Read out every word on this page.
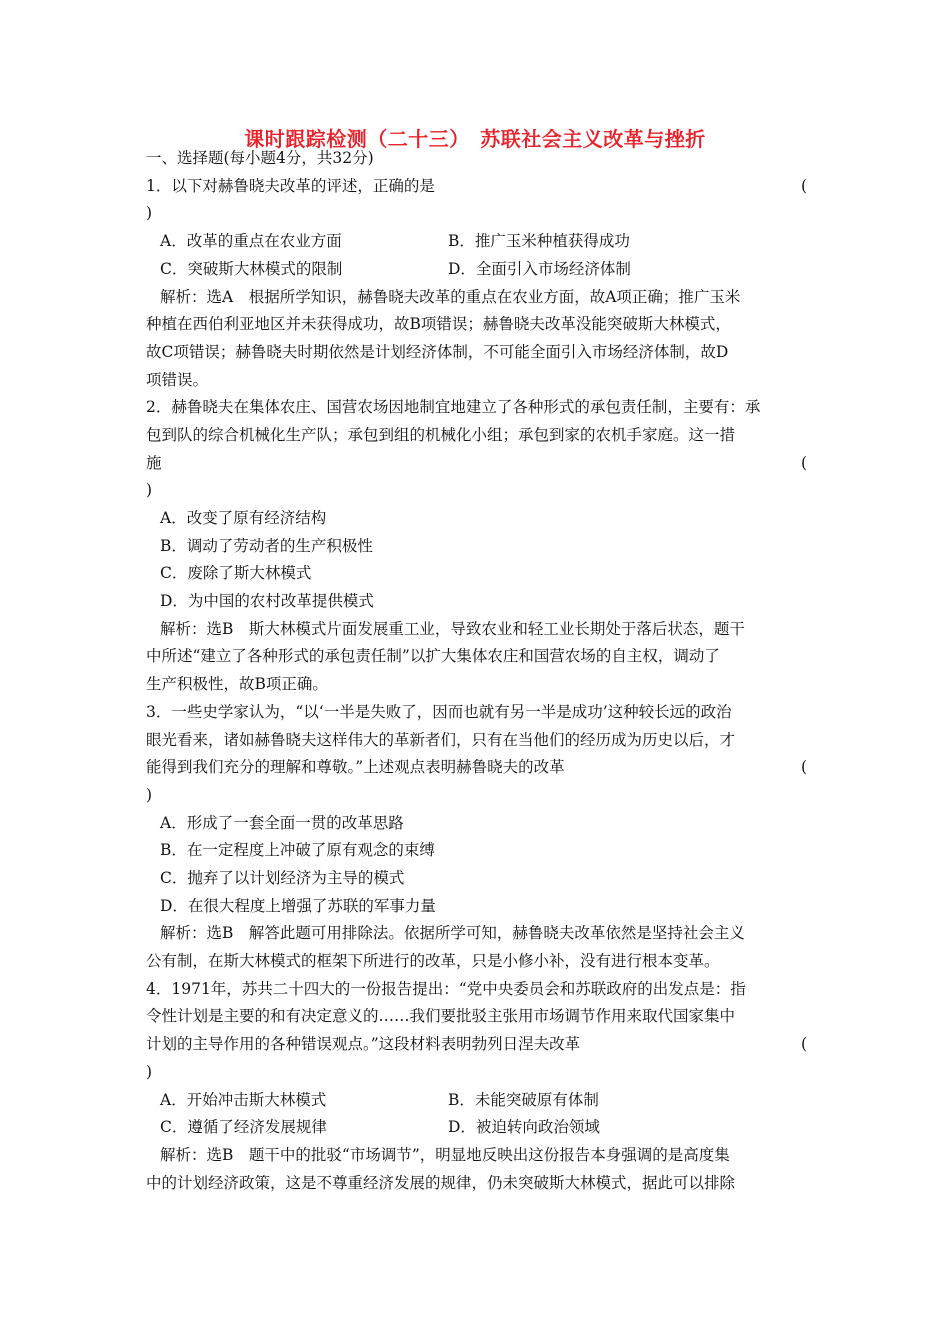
课时跟踪检测（二十三）　苏联社会主义改革与挫折
一、选择题(每小题4分，共32分)
1．以下对赫鲁晓夫改革的评述，正确的是	(
)
A．改革的重点在农业方面	B．推广玉米种植获得成功
C．突破斯大林模式的限制	D．全面引入市场经济体制
解析：选A　根据所学知识，赫鲁晓夫改革的重点在农业方面，故A项正确；推广玉米
种植在西伯利亚地区并未获得成功，故B项错误；赫鲁晓夫改革没能突破斯大林模式，
故C项错误；赫鲁晓夫时期依然是计划经济体制，不可能全面引入市场经济体制，故D
项错误。
2．赫鲁晓夫在集体农庄、国营农场因地制宜地建立了各种形式的承包责任制，主要有：承
包到队的综合机械化生产队；承包到组的机械化小组；承包到家的农机手家庭。这一措
施	(
)
A．改变了原有经济结构
B．调动了劳动者的生产积极性
C．废除了斯大林模式
D．为中国的农村改革提供模式
解析：选B　斯大林模式片面发展重工业，导致农业和轻工业长期处于落后状态，题干
中所述“建立了各种形式的承包责任制”以扩大集体农庄和国营农场的自主权，调动了
生产积极性，故B项正确。
3．一些史学家认为，“以‘一半是失败了，因而也就有另一半是成功’这种较长远的政治
眼光看来，诸如赫鲁晓夫这样伟大的革新者们，只有在当他们的经历成为历史以后，才
能得到我们充分的理解和尊敬。”上述观点表明赫鲁晓夫的改革	(
)
A．形成了一套全面一贯的改革思路
B．在一定程度上冲破了原有观念的束缚
C．抛弃了以计划经济为主导的模式
D．在很大程度上增强了苏联的军事力量
解析：选B　解答此题可用排除法。依据所学可知，赫鲁晓夫改革依然是坚持社会主义
公有制，在斯大林模式的框架下所进行的改革，只是小修小补，没有进行根本变革。
4．1971年，苏共二十四大的一份报告提出：“党中央委员会和苏联政府的出发点是：指
令性计划是主要的和有决定意义的……我们要批驳主张用市场调节作用来取代国家集中
计划的主导作用的各种错误观点。”这段材料表明勃列日涅夫改革	(
)
A．开始冲击斯大林模式	B．未能突破原有体制
C．遵循了经济发展规律	D．被迫转向政治领域
解析：选B　题干中的批驳“市场调节”，明显地反映出这份报告本身强调的是高度集
中的计划经济政策，这是不尊重经济发展的规律，仍未突破斯大林模式，据此可以排除
